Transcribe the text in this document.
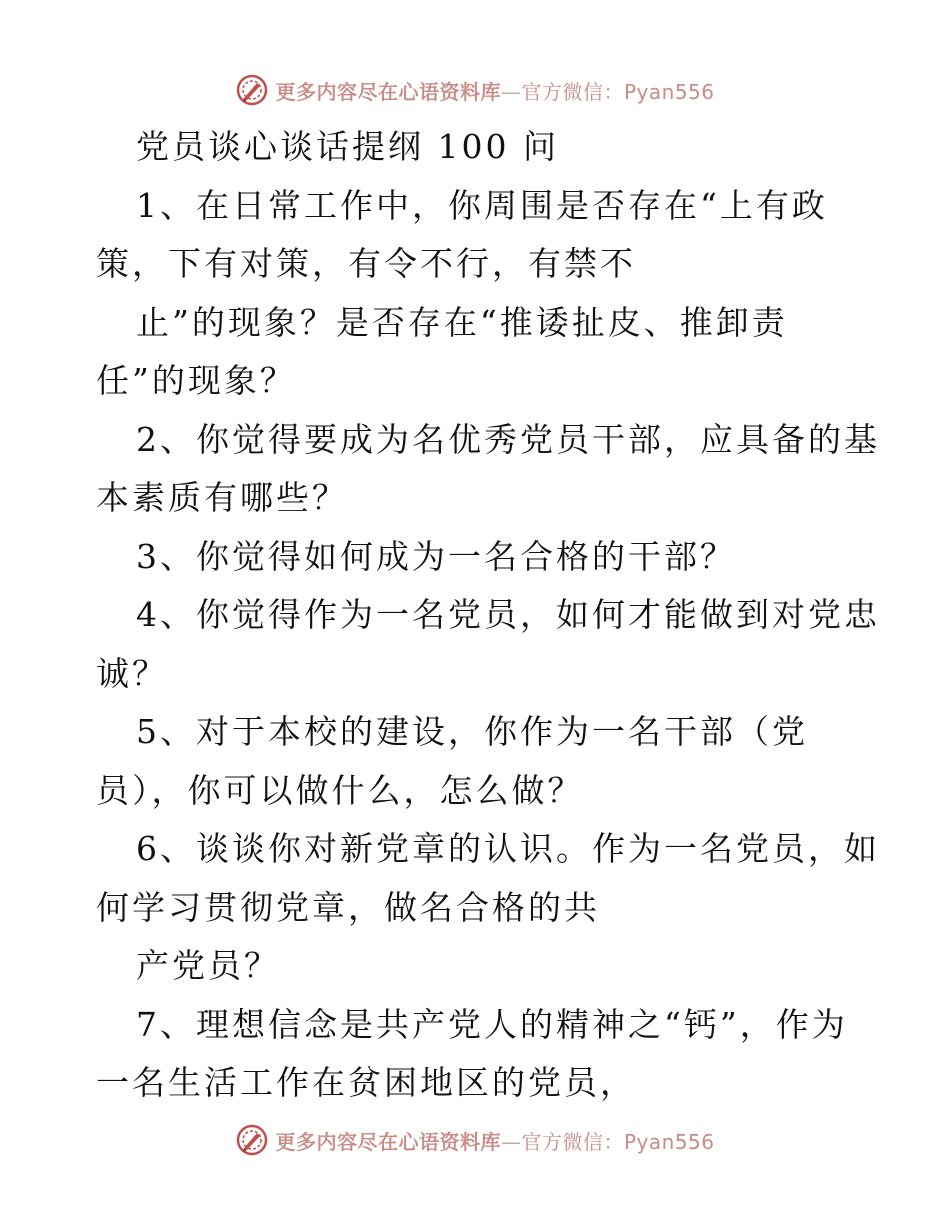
更多内容尽在心语资料库—官方微信：Pyan556
党员谈心谈话提纲 100 问
1、在日常工作中，你周围是否存在“上有政
策，下有对策，有令不行，有禁不
止”的现象？是否存在“推诿扯皮、推卸责
任”的现象？
2、你觉得要成为名优秀党员干部，应具备的基
本素质有哪些？
3、你觉得如何成为一名合格的干部？
4、你觉得作为一名党员，如何才能做到对党忠
诚？
5、对于本校的建设，你作为一名干部（党
员），你可以做什么，怎么做？
6、谈谈你对新党章的认识。作为一名党员，如
何学习贯彻党章，做名合格的共
产党员？
7、理想信念是共产党人的精神之“钙”，作为
一名生活工作在贫困地区的党员，
更多内容尽在心语资料库—官方微信：Pyan556
